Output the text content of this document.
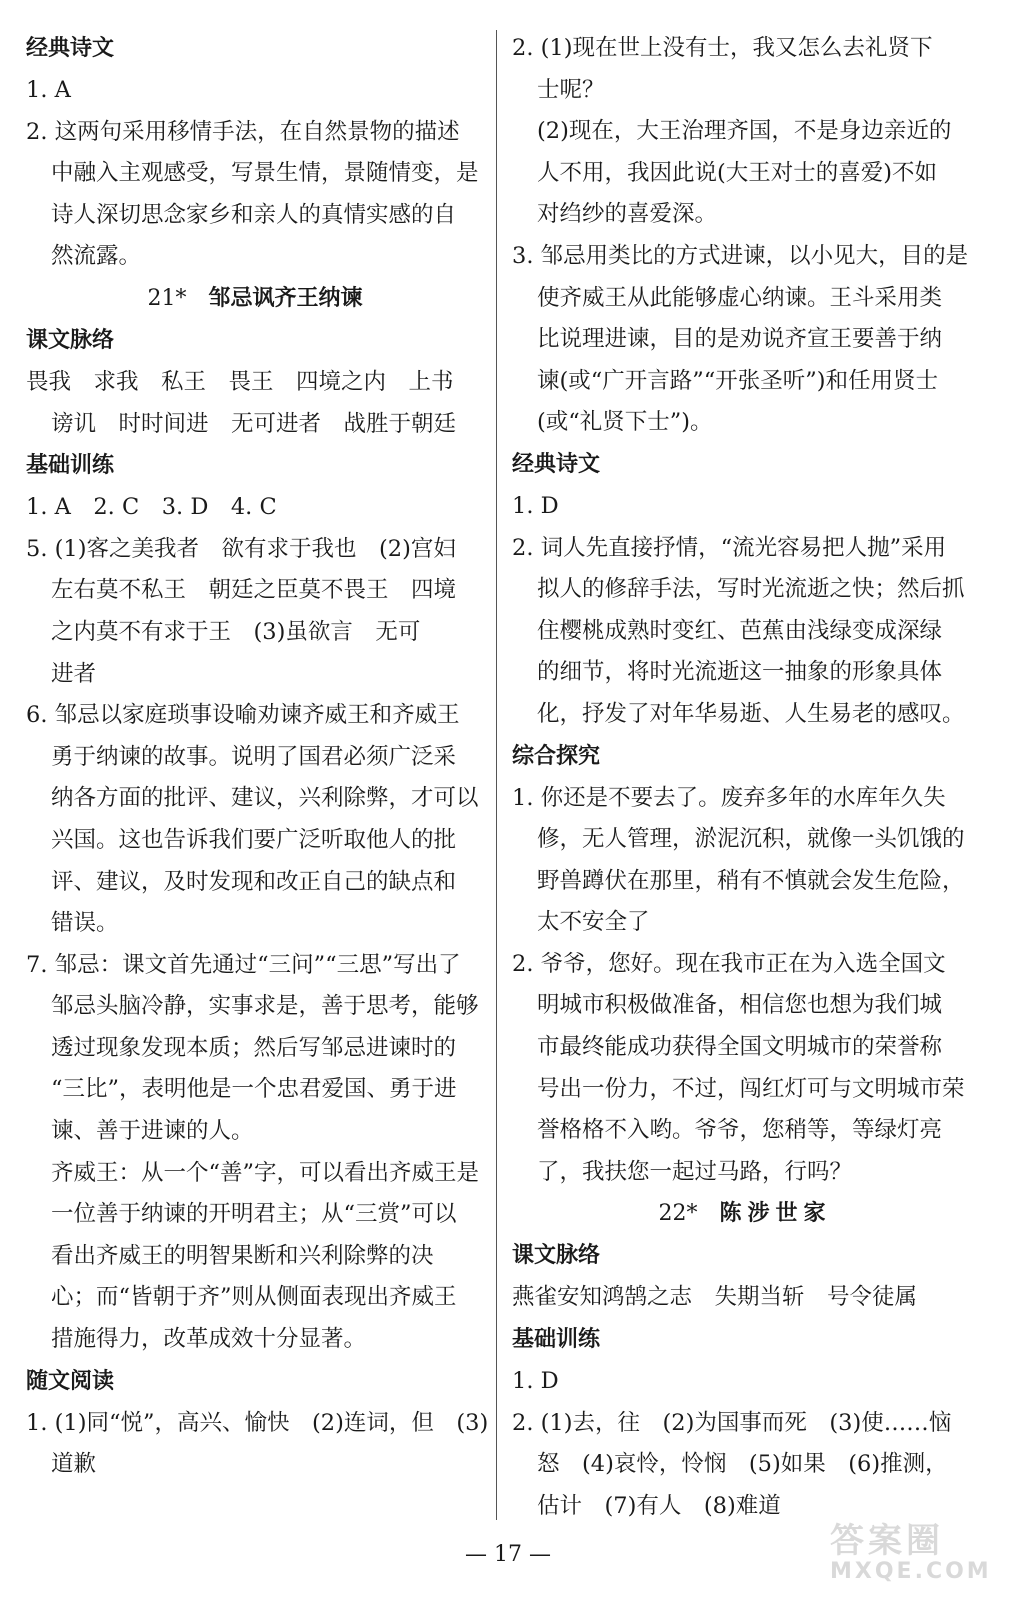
经典诗文
1. A
2. 这两句采用移情手法，在自然景物的描述
中融入主观感受，写景生情，景随情变，是
诗人深切思念家乡和亲人的真情实感的自
然流露。
21* 邹忌讽齐王纳谏
课文脉络
畏我　求我　私王　畏王　四境之内　上书
谤讥　时时间进　无可进者　战胜于朝廷
基础训练
1. A　2. C　3. D　4. C
5. (1)客之美我者　欲有求于我也　(2)宫妇
左右莫不私王　朝廷之臣莫不畏王　四境
之内莫不有求于王　(3)虽欲言　无可
进者
6. 邹忌以家庭琐事设喻劝谏齐威王和齐威王
勇于纳谏的故事。说明了国君必须广泛采
纳各方面的批评、建议，兴利除弊，才可以
兴国。这也告诉我们要广泛听取他人的批
评、建议，及时发现和改正自己的缺点和
错误。
7. 邹忌：课文首先通过“三问”“三思”写出了
邹忌头脑冷静，实事求是，善于思考，能够
透过现象发现本质；然后写邹忌进谏时的
“三比”，表明他是一个忠君爱国、勇于进
谏、善于进谏的人。
齐威王：从一个“善”字，可以看出齐威王是
一位善于纳谏的开明君主；从“三赏”可以
看出齐威王的明智果断和兴利除弊的决
心；而“皆朝于齐”则从侧面表现出齐威王
措施得力，改革成效十分显著。
随文阅读
1. (1)同“悦”，高兴、愉快　(2)连词，但　(3)
道歉
2. (1)现在世上没有士，我又怎么去礼贤下
士呢？
(2)现在，大王治理齐国，不是身边亲近的
人不用，我因此说(大王对士的喜爱)不如
对绉纱的喜爱深。
3. 邹忌用类比的方式进谏，以小见大，目的是
使齐威王从此能够虚心纳谏。王斗采用类
比说理进谏，目的是劝说齐宣王要善于纳
谏(或“广开言路”“开张圣听”)和任用贤士
(或“礼贤下士”)。
经典诗文
1. D
2. 词人先直接抒情，“流光容易把人抛”采用
拟人的修辞手法，写时光流逝之快；然后抓
住樱桃成熟时变红、芭蕉由浅绿变成深绿
的细节，将时光流逝这一抽象的形象具体
化，抒发了对年华易逝、人生易老的感叹。
综合探究
1. 你还是不要去了。废弃多年的水库年久失
修，无人管理，淤泥沉积，就像一头饥饿的
野兽蹲伏在那里，稍有不慎就会发生危险，
太不安全了
2. 爷爷，您好。现在我市正在为入选全国文
明城市积极做准备，相信您也想为我们城
市最终能成功获得全国文明城市的荣誉称
号出一份力，不过，闯红灯可与文明城市荣
誉格格不入哟。爷爷，您稍等，等绿灯亮
了，我扶您一起过马路，行吗？
22* 陈涉世家
课文脉络
燕雀安知鸿鹄之志　失期当斩　号令徒属
基础训练
1. D
2. (1)去，往　(2)为国事而死　(3)使……恼
怒　(4)哀怜，怜悯　(5)如果　(6)推测，
估计　(7)有人　(8)难道
— 17 —	答案圈
MXQE.COM
